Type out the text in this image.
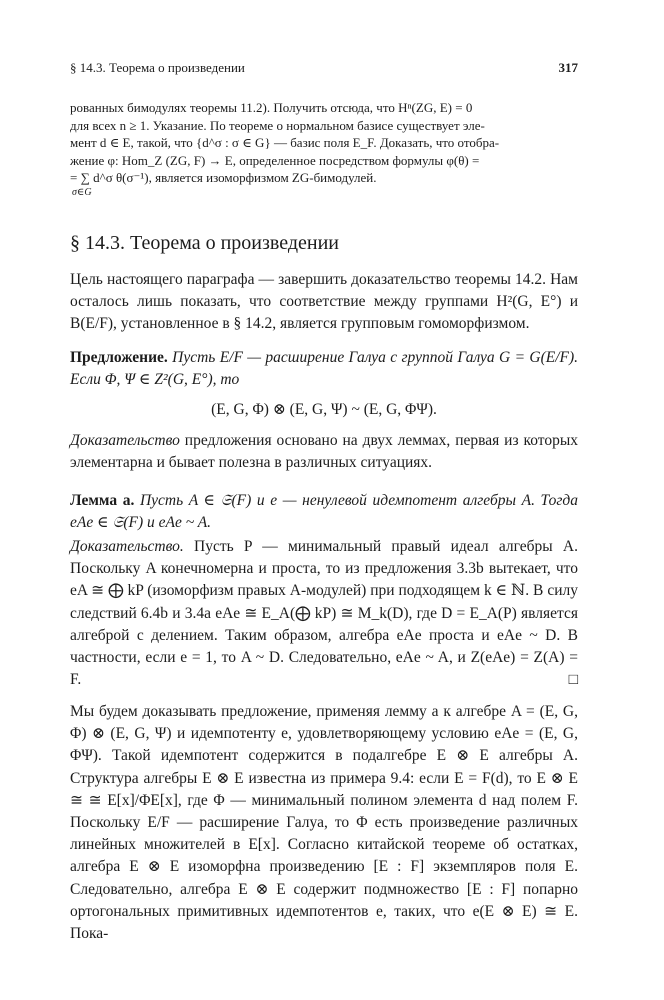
§ 14.3. Теорема о произведении	317
рованных бимодулях теоремы 11.2). Получить отсюда, что Hⁿ(ZG, E) = 0
для всех n ≥ 1. Указание. По теореме о нормальном базисе существует эле-
мент d ∈ E, такой, что {d^σ : σ ∈ G} — базис поля E_F. Доказать, что отобра-
жение φ: Hom_Z (ZG, F) → E, определенное посредством формулы φ(θ) =
= ∑ d^σ θ(σ⁻¹), является изоморфизмом ZG-бимодулей.
σ∈G
§ 14.3. Теорема о произведении

Цель настоящего параграфа — завершить доказательство теоремы 14.2. Нам осталось лишь показать, что соответствие между группами H²(G, E°) и B(E/F), установленное в § 14.2, является групповым гомоморфизмом.

Предложение. Пусть E/F — расширение Галуа с группой Галуа G = G(E/F). Если Φ, Ψ ∈ Z²(G, E°), то

(E, G, Φ) ⊗ (E, G, Ψ) ~ (E, G, ΦΨ).

Доказательство предложения основано на двух леммах, первая из которых элементарна и бывает полезна в различных ситуациях.

Лемма a. Пусть A ∈ 𝔖(F) и e — ненулевой идемпотент алгебры A. Тогда eAe ∈ 𝔖(F) и eAe ~ A.

Доказательство. Пусть P — минимальный правый идеал алгебры A. Поскольку A конечномерна и проста, то из предложения 3.3b вытекает, что eA ≅ ⨁ kP (изоморфизм правых A-модулей) при подходящем k ∈ ℕ. В силу следствий 6.4b и 3.4a eAe ≅ E_A(⨁ kP) ≅ M_k(D), где D = E_A(P) является алгеброй с делением. Таким образом, алгебра eAe проста и eAe ~ D. В частности, если e = 1, то A ~ D. Следовательно, eAe ~ A, и Z(eAe) = Z(A) = F.	□

Мы будем доказывать предложение, применяя лемму a к алгебре A = (E, G, Φ) ⊗ (E, G, Ψ) и идемпотенту e, удовлетворяющему условию eAe = (E, G, ΦΨ). Такой идемпотент содержится в подалгебре E ⊗ E алгебры A. Структура алгебры E ⊗ E известна из примера 9.4: если E = F(d), то E ⊗ E ≅ ≅ E[x]/ΦE[x], где Φ — минимальный полином элемента d над полем F. Поскольку E/F — расширение Галуа, то Φ есть произведение различных линейных множителей в E[x]. Согласно китайской теореме об остатках, алгебра E ⊗ E изоморфна произведению [E : F] экземпляров поля E. Следовательно, алгебра E ⊗ E содержит подмножество [E : F] попарно ортогональных примитивных идемпотентов e, таких, что e(E ⊗ E) ≅ E. Пока-
